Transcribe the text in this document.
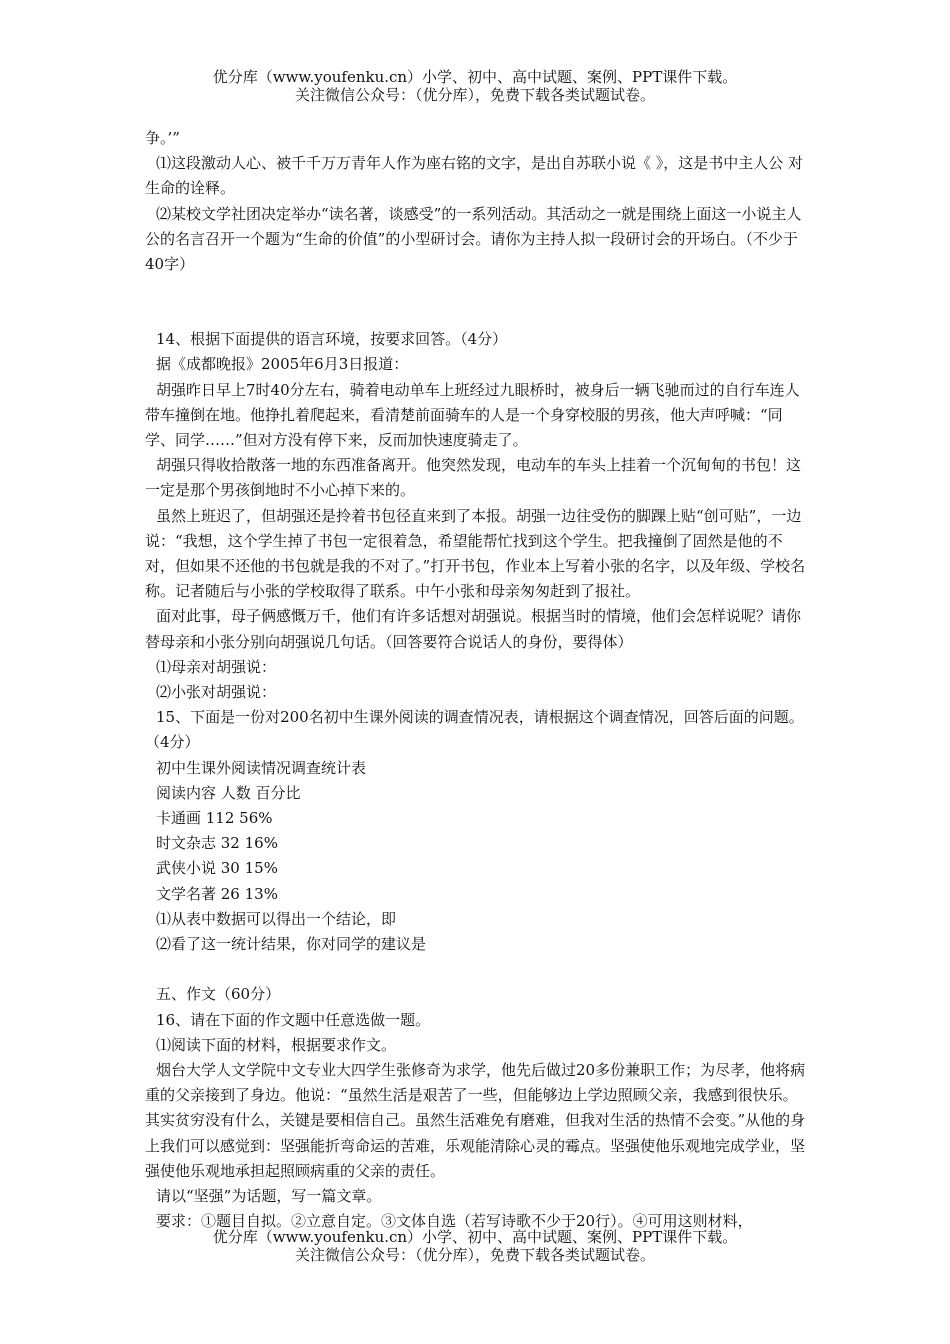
优分库（www.youfenku.cn）小学、初中、高中试题、案例、PPT课件下载。
关注微信公众号：（优分库），免费下载各类试题试卷。

争。’”

⑴这段激动人心、被千千万万青年人作为座右铭的文字，是出自苏联小说《 》，这是书中主人公 对生命的诠释。

⑵某校文学社团决定举办“读名著，谈感受”的一系列活动。其活动之一就是围绕上面这一小说主人公的名言召开一个题为“生命的价值”的小型研讨会。请你为主持人拟一段研讨会的开场白。（不少于40字）

14、根据下面提供的语言环境，按要求回答。（4分）

据《成都晚报》2005年6月3日报道：

胡强昨日早上7时40分左右，骑着电动单车上班经过九眼桥时，被身后一辆飞驰而过的自行车连人带车撞倒在地。他挣扎着爬起来，看清楚前面骑车的人是一个身穿校服的男孩，他大声呼喊：“同学、同学……”但对方没有停下来，反而加快速度骑走了。

胡强只得收拾散落一地的东西准备离开。他突然发现，电动车的车头上挂着一个沉甸甸的书包！这一定是那个男孩倒地时不小心掉下来的。

虽然上班迟了，但胡强还是拎着书包径直来到了本报。胡强一边往受伤的脚踝上贴“创可贴”，一边说：“我想，这个学生掉了书包一定很着急，希望能帮忙找到这个学生。把我撞倒了固然是他的不对，但如果不还他的书包就是我的不对了。”打开书包，作业本上写着小张的名字，以及年级、学校名称。记者随后与小张的学校取得了联系。中午小张和母亲匆匆赶到了报社。

面对此事，母子俩感慨万千，他们有许多话想对胡强说。根据当时的情境，他们会怎样说呢？请你替母亲和小张分别向胡强说几句话。（回答要符合说话人的身份，要得体）

⑴母亲对胡强说：

⑵小张对胡强说：

15、下面是一份对200名初中生课外阅读的调查情况表，请根据这个调查情况，回答后面的问题。（4分）

初中生课外阅读情况调查统计表

阅读内容 人数 百分比

卡通画 112 56%

时文杂志 32 16%

武侠小说 30 15%

文学名著 26 13%

⑴从表中数据可以得出一个结论，即

⑵看了这一统计结果，你对同学的建议是

五、作文（60分）

16、请在下面的作文题中任意选做一题。

⑴阅读下面的材料，根据要求作文。

烟台大学人文学院中文专业大四学生张修奇为求学，他先后做过20多份兼职工作；为尽孝，他将病重的父亲接到了身边。他说：“虽然生活是艰苦了一些，但能够边上学边照顾父亲，我感到很快乐。其实贫穷没有什么，关键是要相信自己。虽然生活难免有磨难，但我对生活的热情不会变。”从他的身上我们可以感觉到：坚强能折弯命运的苦难，乐观能清除心灵的霉点。坚强使他乐观地完成学业，坚强使他乐观地承担起照顾病重的父亲的责任。

请以“坚强”为话题，写一篇文章。

要求：①题目自拟。②立意自定。③文体自选（若写诗歌不少于20行）。④可用这则材料，

优分库（www.youfenku.cn）小学、初中、高中试题、案例、PPT课件下载。
关注微信公众号：（优分库），免费下载各类试题试卷。
